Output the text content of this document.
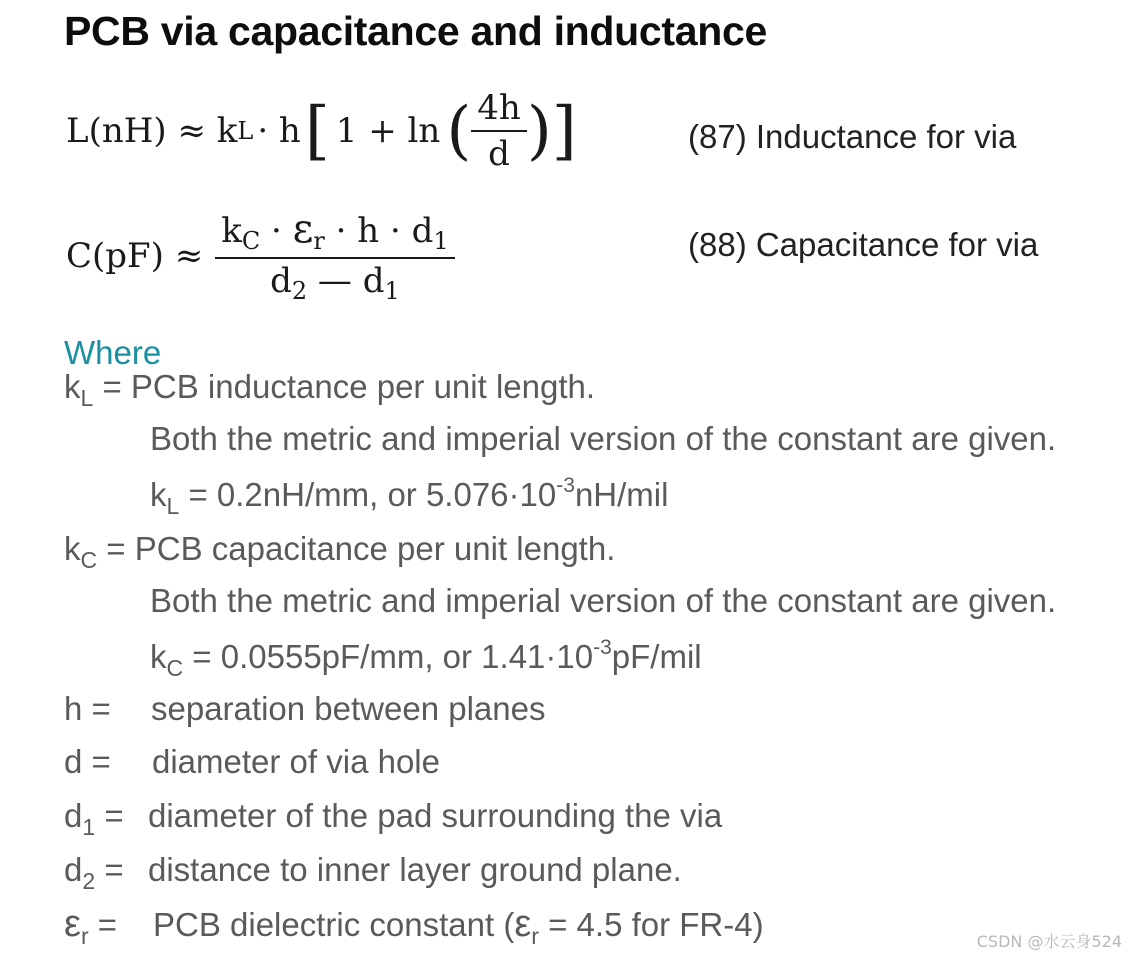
PCB via capacitance and inductance
L(nH) ≈ k L · h [ 1 + ln ( $\frac{4h}{d}$ ) ]	(87) Inductance for via
$C(pF) \approx \frac{k_C \cdot \varepsilon_r \cdot h \cdot d_1}{d_2 — d_1}$	(88) Capacitance for via
Where
$k_L$ = PCB inductance per unit length.
Both the metric and imperial version of the constant are given.
$k_L = 0.2nH/mm$, or $5.076\cdot 10^{-3}nH$/mil
$k_C$ = PCB capacitance per unit length.
Both the metric and imperial version of the constant are given.
$k_C = 0.0555pF/mm$, or $1.41\cdot 10^{-3}pF$/mil
h = separation between planes
d = diameter of via hole
$d_1$ = diameter of the pad surrounding the via
$d_2$ = distance to inner layer ground plane.
$\varepsilon_r$ = PCB dielectric constant ($\varepsilon_r = 4.5$ for FR-4)	CSDN @水云身524
